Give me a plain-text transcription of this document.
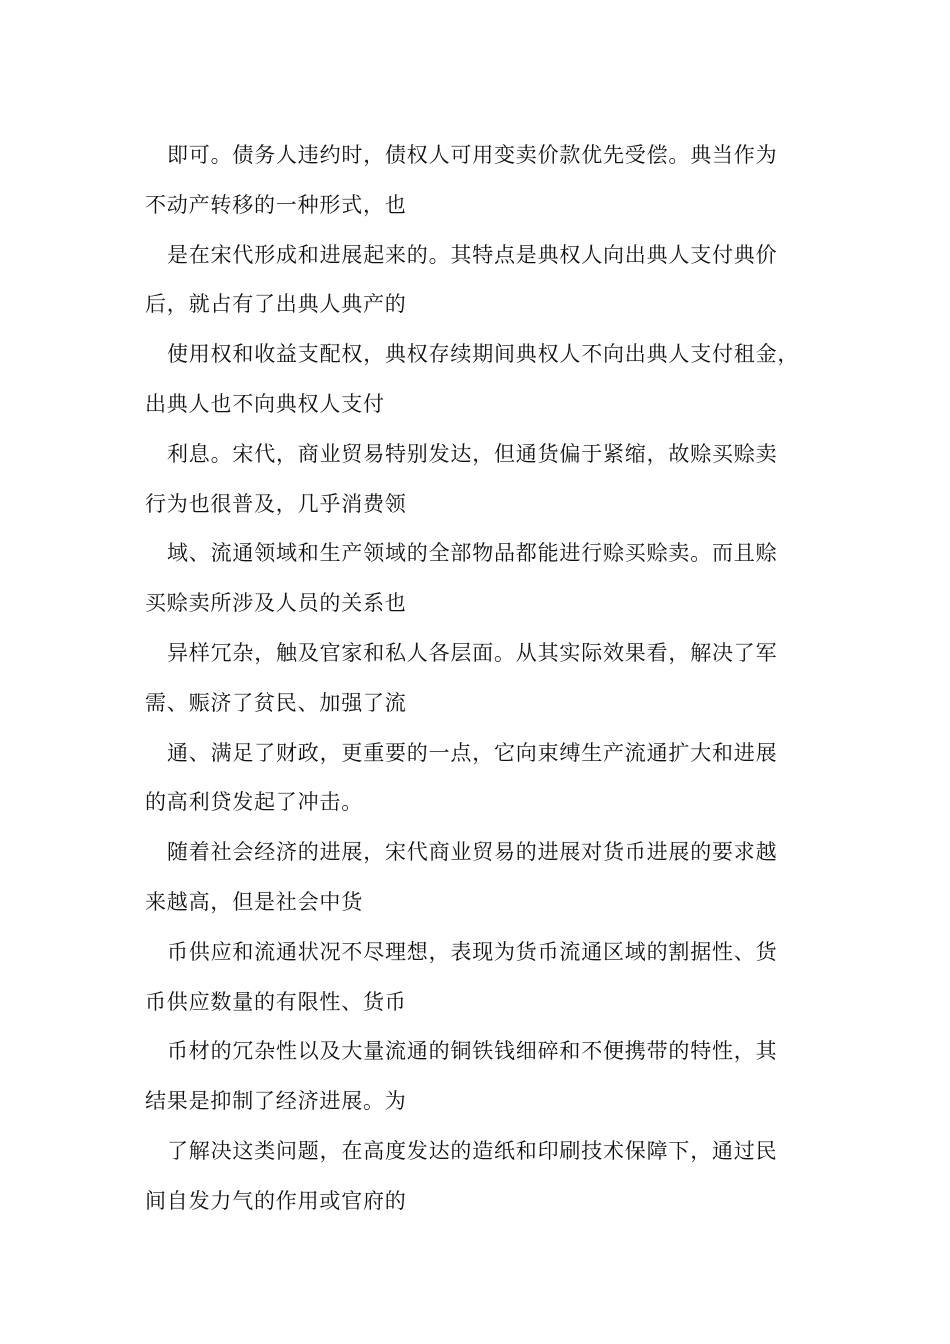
即可。债务人违约时，债权人可用变卖价款优先受偿。典当作为
不动产转移的一种形式，也
是在宋代形成和进展起来的。其特点是典权人向出典人支付典价
后，就占有了出典人典产的
使用权和收益支配权，典权存续期间典权人不向出典人支付租金，
出典人也不向典权人支付
利息。宋代，商业贸易特别发达，但通货偏于紧缩，故赊买赊卖
行为也很普及，几乎消费领
域、流通领域和生产领域的全部物品都能进行赊买赊卖。而且赊
买赊卖所涉及人员的关系也
异样冗杂，触及官家和私人各层面。从其实际效果看，解决了军
需、赈济了贫民、加强了流
通、满足了财政，更重要的一点，它向束缚生产流通扩大和进展
的高利贷发起了冲击。
随着社会经济的进展，宋代商业贸易的进展对货币进展的要求越
来越高，但是社会中货
币供应和流通状况不尽理想，表现为货币流通区域的割据性、货
币供应数量的有限性、货币
币材的冗杂性以及大量流通的铜铁钱细碎和不便携带的特性，其
结果是抑制了经济进展。为
了解决这类问题，在高度发达的造纸和印刷技术保障下，通过民
间自发力气的作用或官府的
